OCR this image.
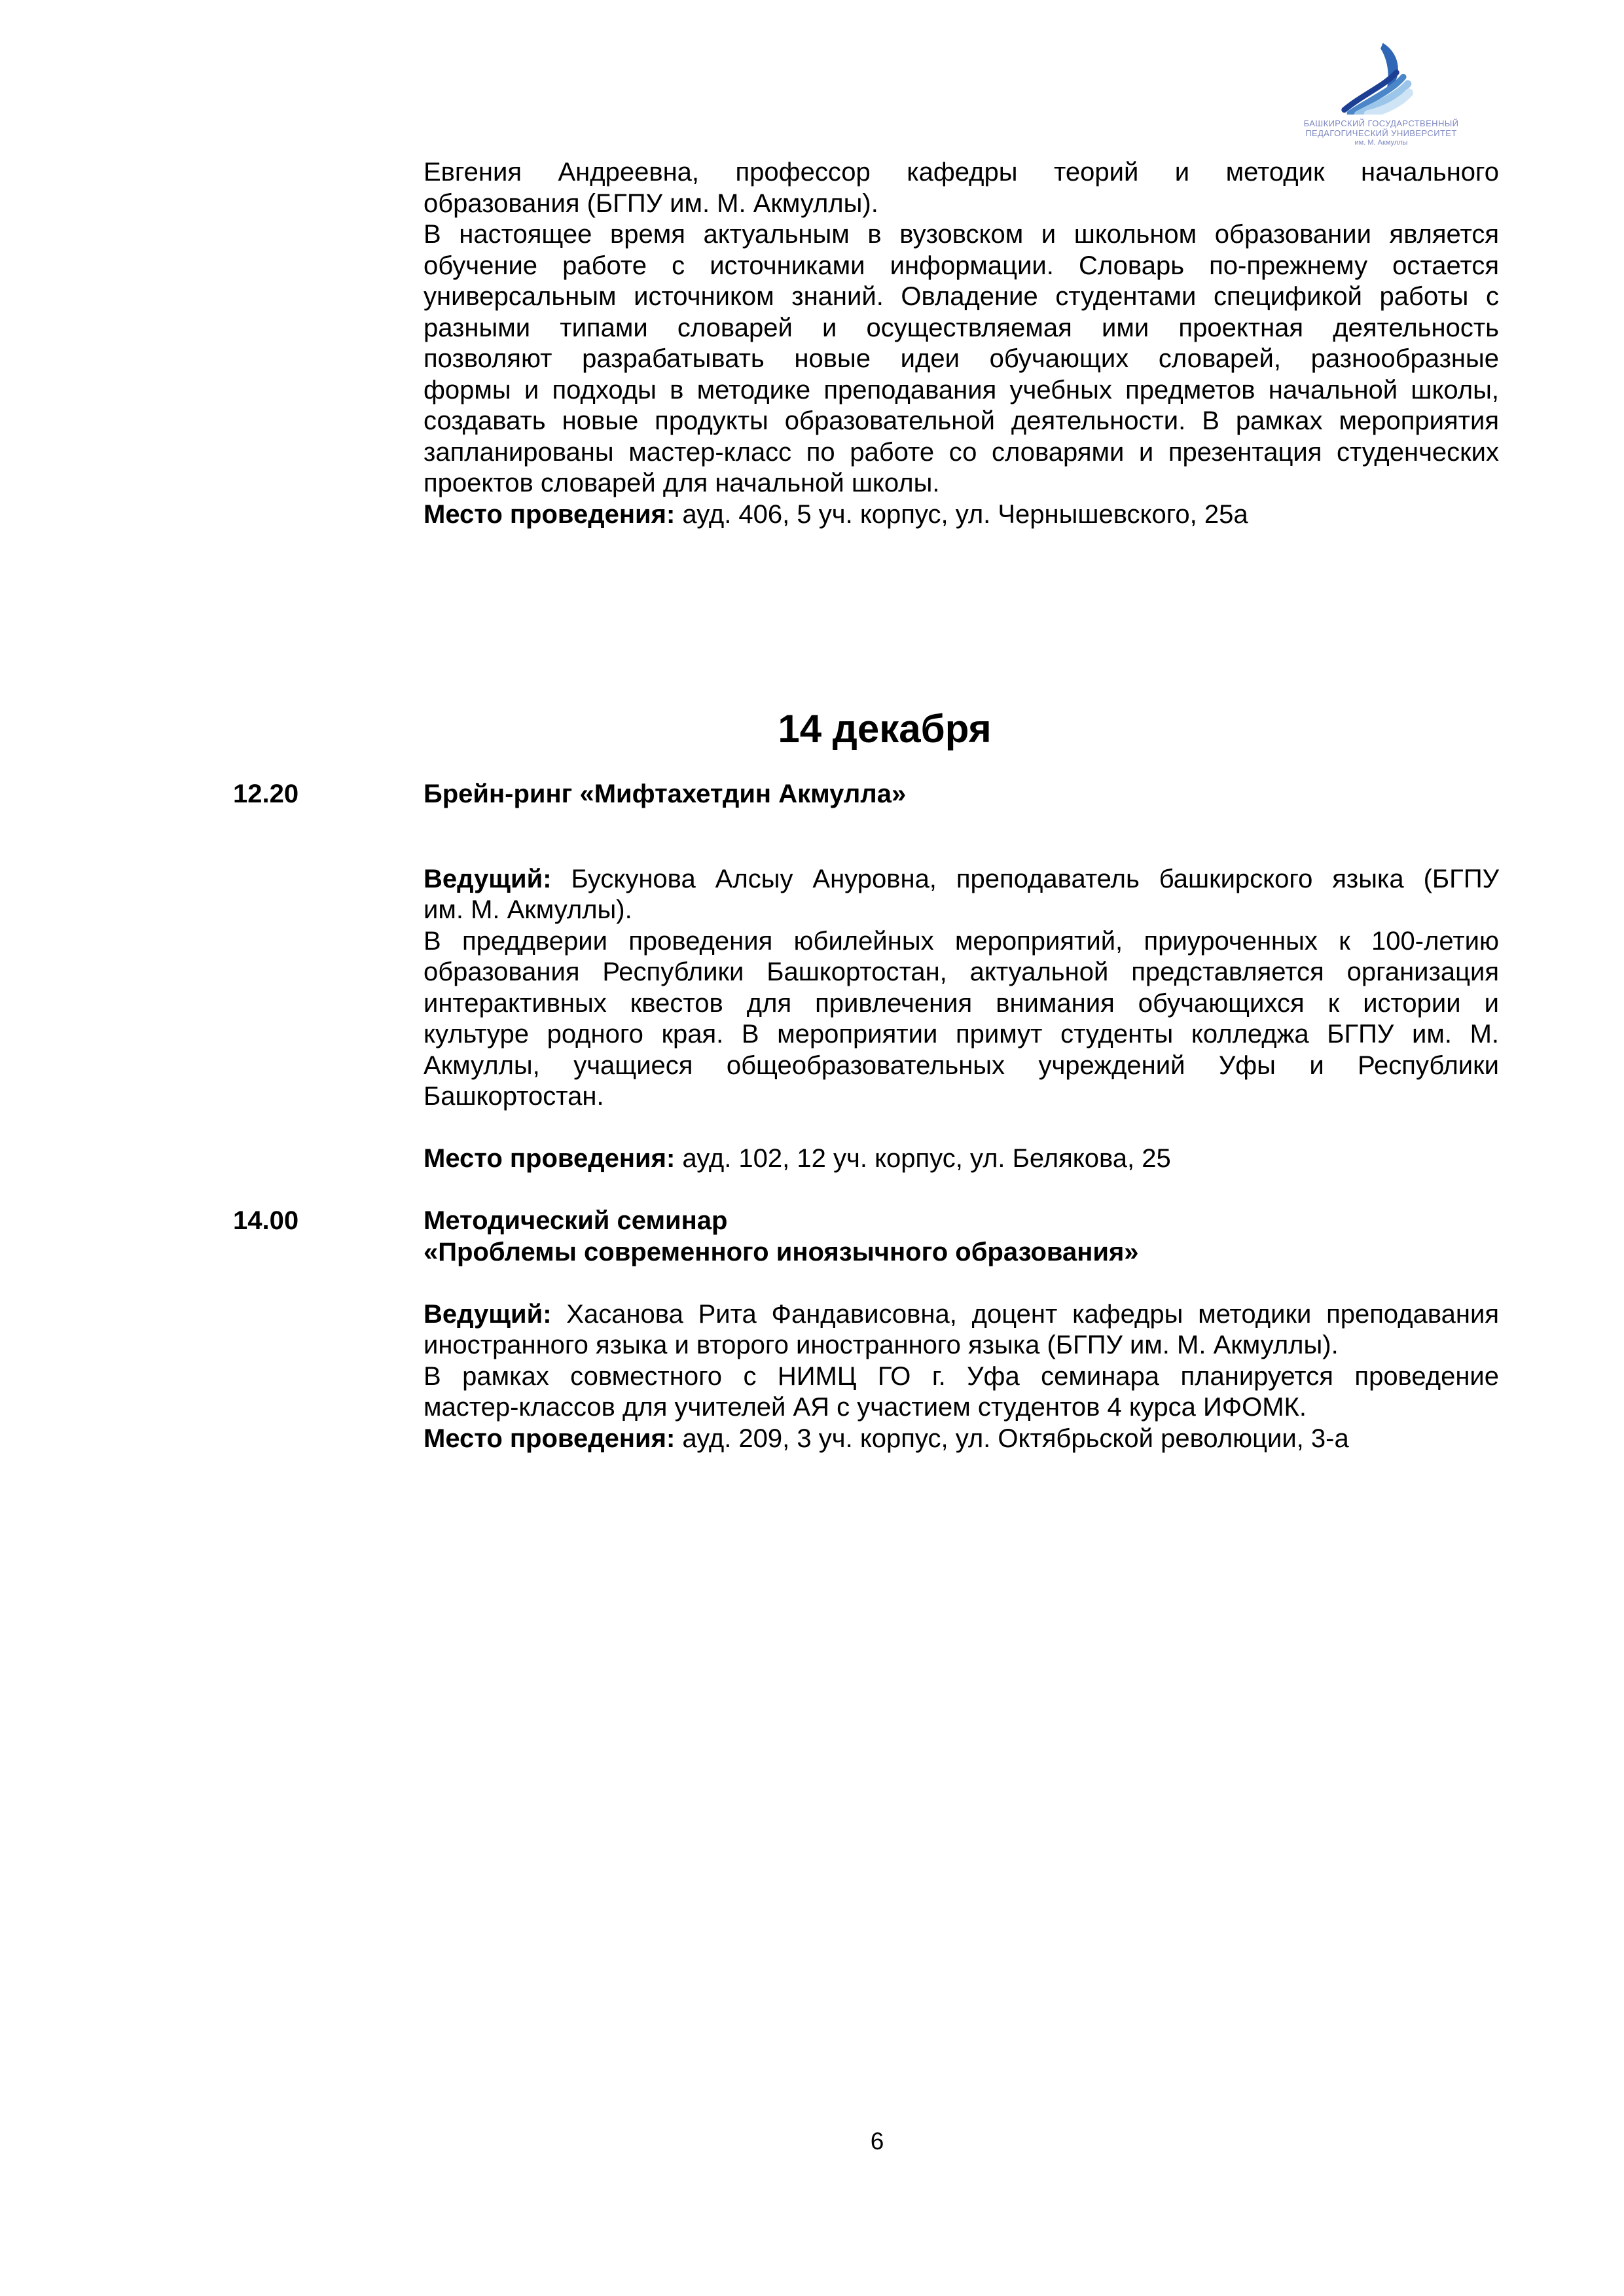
БАШКИРСКИЙ ГОСУДАРСТВЕННЫЙ
ПЕДАГОГИЧЕСКИЙ УНИВЕРСИТЕТ
им. М. Акмуллы
Евгения Андреевна, профессор кафедры теорий и методик начального
образования (БГПУ им. М. Акмуллы).
В настоящее время актуальным в вузовском и школьном образовании является
обучение работе с источниками информации. Словарь по-прежнему остается
универсальным источником знаний. Овладение студентами спецификой работы с
разными типами словарей и осуществляемая ими проектная деятельность
позволяют разрабатывать новые идеи обучающих словарей, разнообразные
формы и подходы в методике преподавания учебных предметов начальной школы,
создавать новые продукты образовательной деятельности. В рамках мероприятия
запланированы мастер-класс по работе со словарями и презентация студенческих
проектов словарей для начальной школы.
Место проведения: ауд. 406, 5 уч. корпус, ул. Чернышевского, 25а
14 декабря
12.20	Брейн-ринг «Мифтахетдин Акмулла»
Ведущий: Бускунова Алсыу Ануровна, преподаватель башкирского языка (БГПУ
им. М. Акмуллы).
В преддверии проведения юбилейных мероприятий, приуроченных к 100-летию
образования Республики Башкортостан, актуальной представляется организация
интерактивных квестов для привлечения внимания обучающихся к истории и
культуре родного края. В мероприятии примут студенты колледжа БГПУ им. М.
Акмуллы, учащиеся общеобразовательных учреждений Уфы и Республики
Башкортостан.
Место проведения: ауд. 102, 12 уч. корпус, ул. Белякова, 25
14.00	Методический семинар
«Проблемы современного иноязычного образования»
Ведущий: Хасанова Рита Фандависовна, доцент кафедры методики преподавания
иностранного языка и второго иностранного языка (БГПУ им. М. Акмуллы).
В рамках совместного с НИМЦ ГО г. Уфа семинара планируется проведение
мастер-классов для учителей АЯ с участием студентов 4 курса ИФОМК.
Место проведения: ауд. 209, 3 уч. корпус, ул. Октябрьской революции, 3-а
6
